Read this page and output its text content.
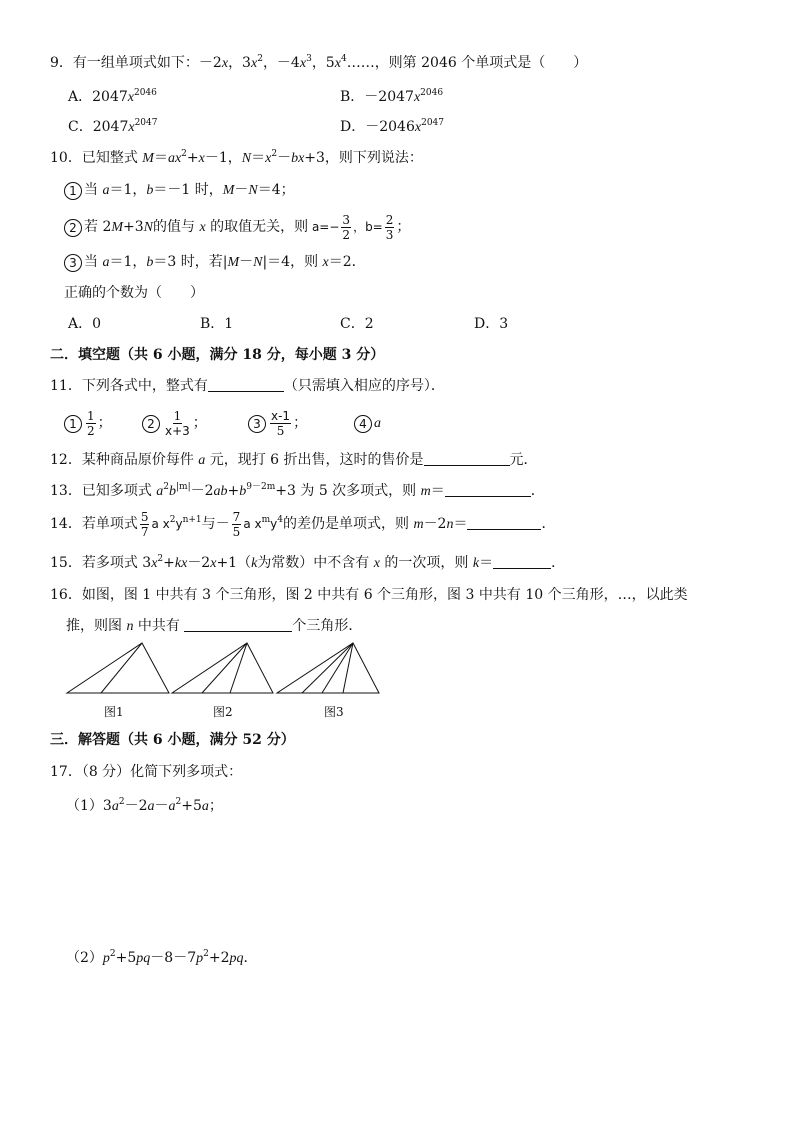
9．有一组单项式如下：－2x，$3x^2$，$-4x^3$，$5x^4\dots\dots$，则第 2046 个单项式是（　　）
A．$2047x^{2046}$	B．$-2047x^{2046}$
C．$2047x^{2047}$	D．$-2046x^{2047}$
10．已知整式 $M=ax^2+x-1$，$N=x^2-bx+3$，则下列说法：
1 当 a＝1，b＝－1 时，M－N＝4；
2 若 2M+3N的值与 x 的取值无关，则 $a=- \frac{3}{2}$ ，$b= \frac{2}{3}$ ；
3 当 a＝1，b＝3 时，若|M－N|＝4，则 x＝2．
正确的个数为（　　）
A．0	B．1	C．2	D．3
二．填空题（共 6 小题，满分 18 分，每小题 3 分）
11．下列各式中，整式有	（只需填入相应的序号）．
$1 \frac{1}{2}$ ；	$2 \frac{1}{x+3}$ ；	$3 \frac{x-1}{5}$ ；	4 a
12．某种商品原价每件 a 元，现打 6 折出售，这时的售价是	元．
13．已知多项式 $a^2b^{|m|}-2ab+b^{9-2m}+3$ 为 5 次多项式，则 m＝	．
14．若单项式 $\frac{5}{7}$ a $x^2y^{n+1}$与－ $\frac{7}{5}$ a $x^my^4$的差仍是单项式，则 m－2n＝	．
15．若多项式 $3x^2+kx-2x+1(k$为常数）中不含有 x 的一次项，则 k＝	．
16．如图，图 1 中共有 3 个三角形，图 2 中共有 6 个三角形，图 3 中共有 10 个三角形，…，以此类
推，则图 n 中共有	个三角形．
图1	图2	图3
三．解答题（共 6 小题，满分 52 分）
17．（8 分）化简下列多项式：
$(1)3a^2-2a-a^2+5a$；
$(2)p^2+5pq-8-7p^2+2pq$．
